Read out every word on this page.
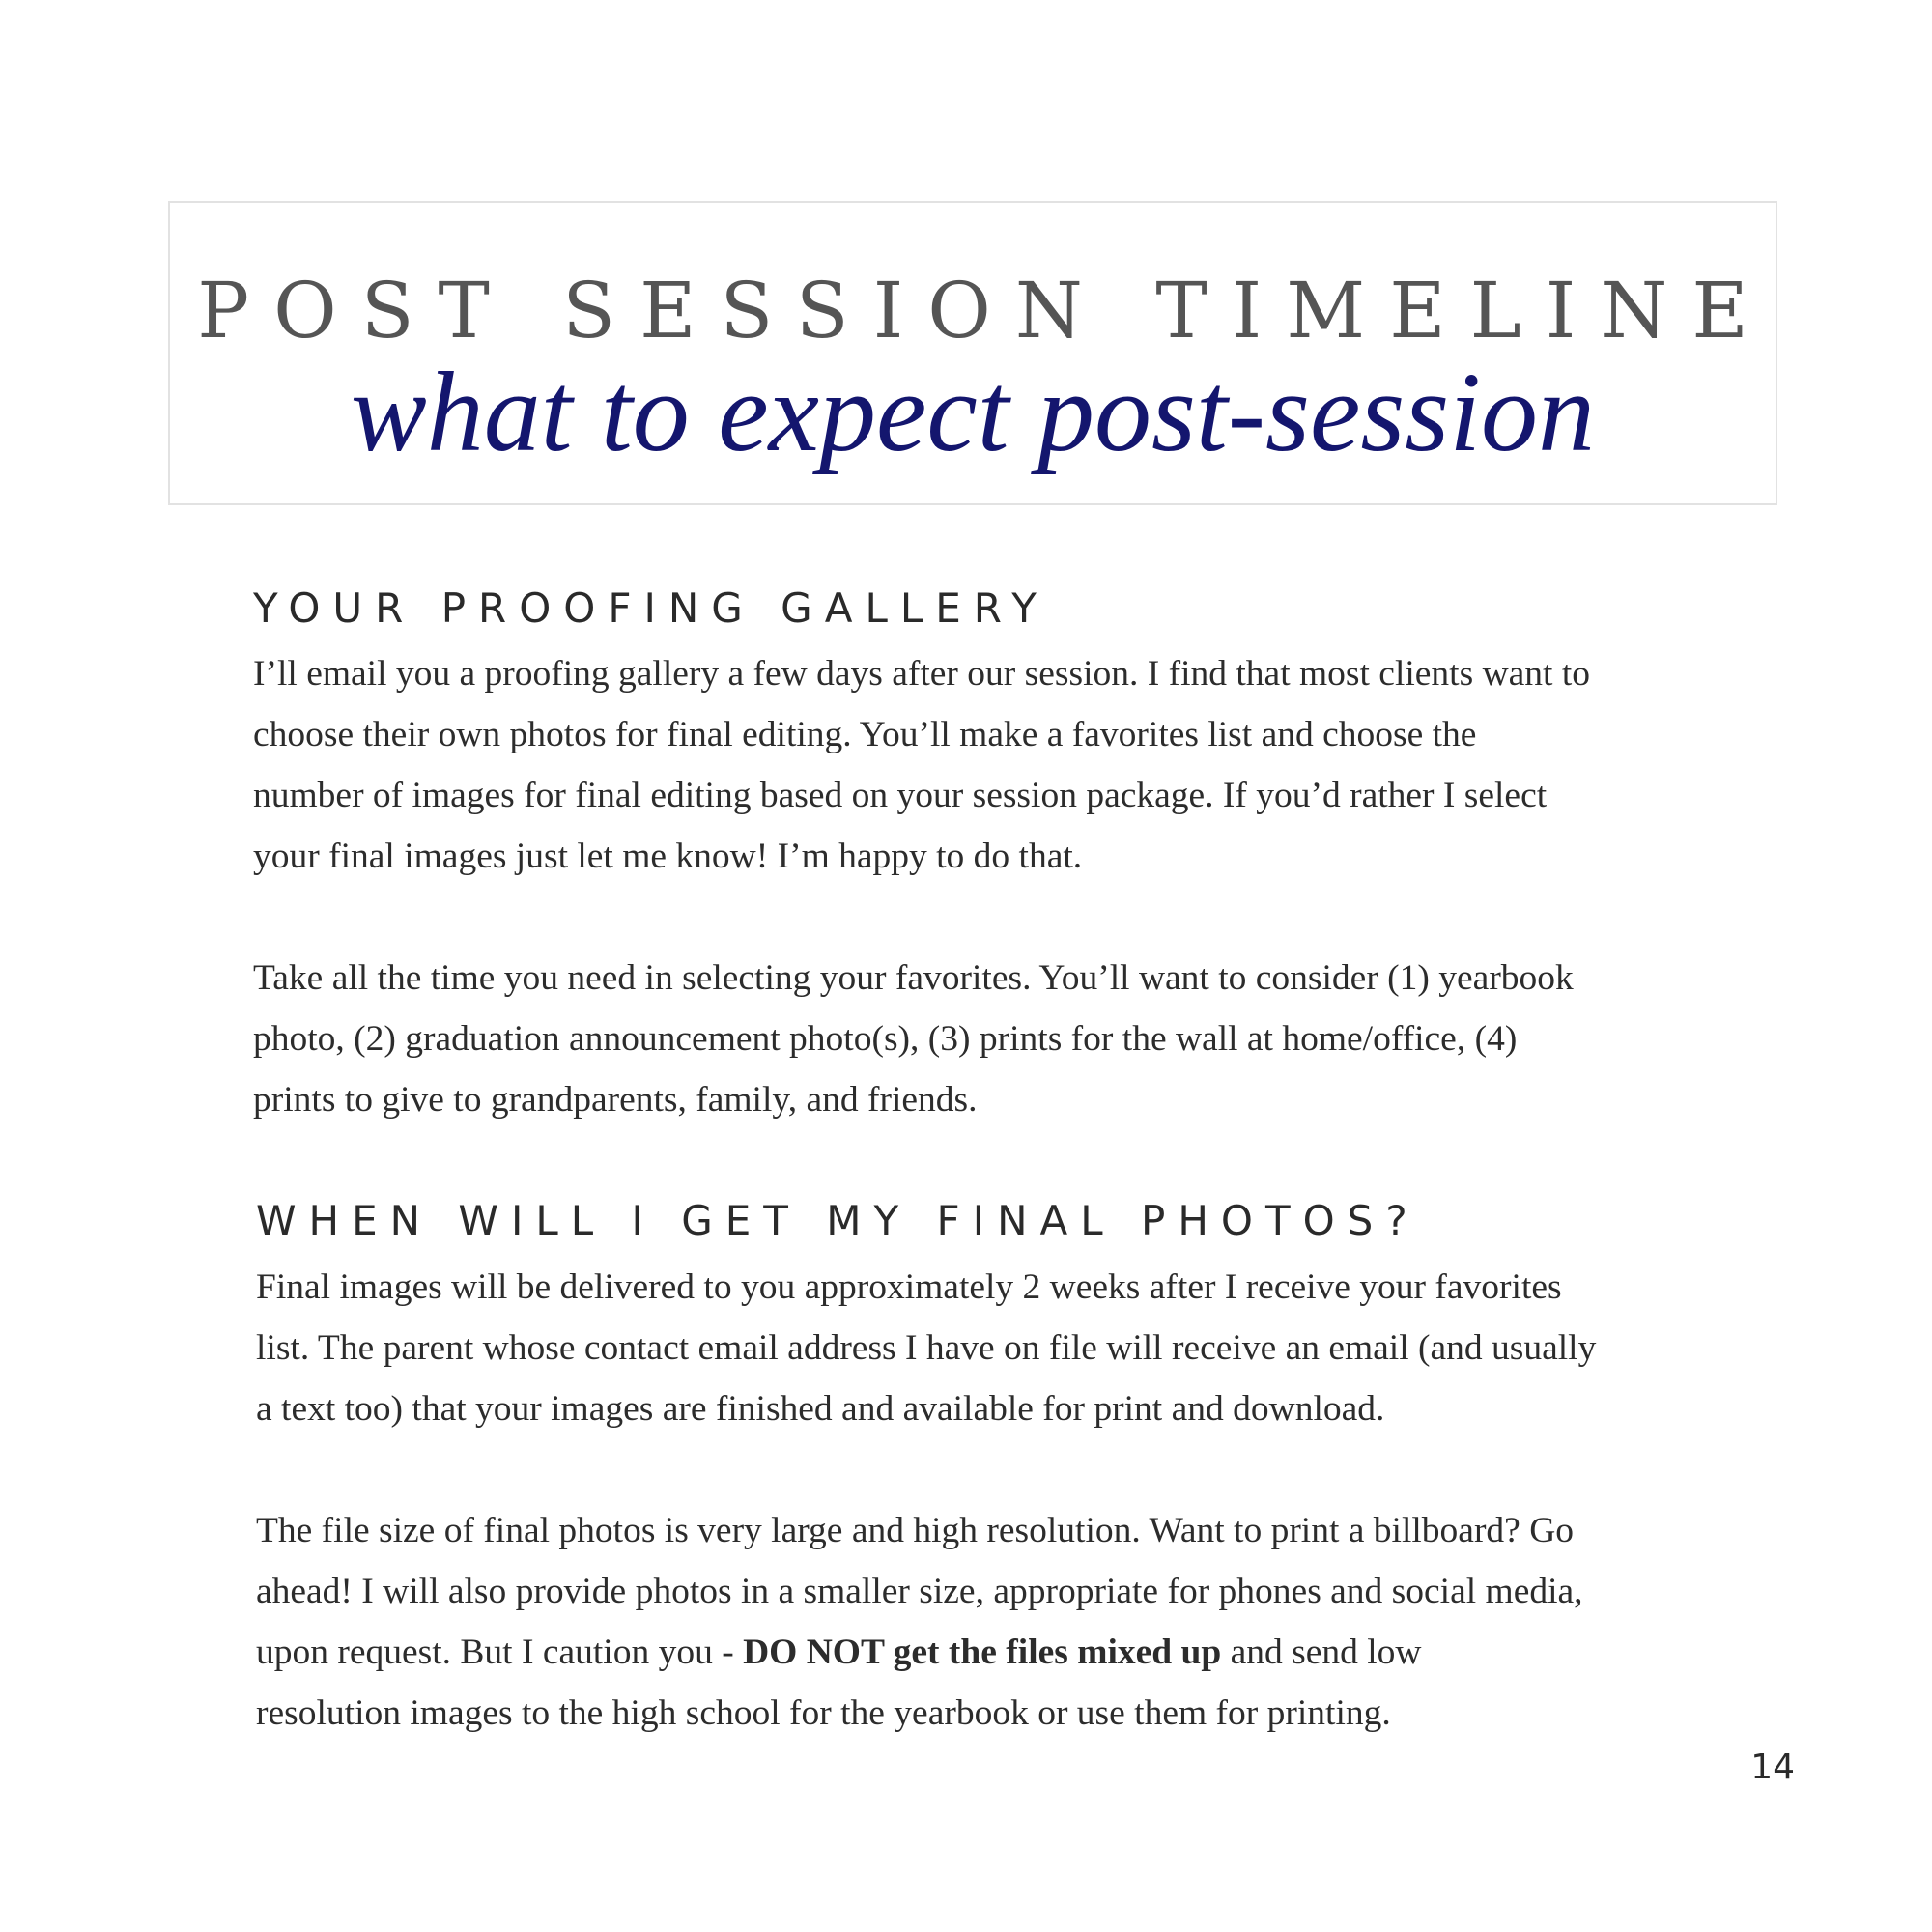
POST SESSION TIMELINE
what to expect post-session
YOUR PROOFING GALLERY
I’ll email you a proofing gallery a few days after our session. I find that most clients want to
choose their own photos for final editing. You’ll make a favorites list and choose the
number of images for final editing based on your session package. If you’d rather I select
your final images just let me know! I’m happy to do that.
Take all the time you need in selecting your favorites. You’ll want to consider (1) yearbook
photo, (2) graduation announcement photo(s), (3) prints for the wall at home/office, (4)
prints to give to grandparents, family, and friends.
WHEN WILL I GET MY FINAL PHOTOS?
Final images will be delivered to you approximately 2 weeks after I receive your favorites
list. The parent whose contact email address I have on file will receive an email (and usually
a text too) that your images are finished and available for print and download.
The file size of final photos is very large and high resolution. Want to print a billboard? Go
ahead! I will also provide photos in a smaller size, appropriate for phones and social media,
upon request. But I caution you - DO NOT get the files mixed up and send low
resolution images to the high school for the yearbook or use them for printing.
14
